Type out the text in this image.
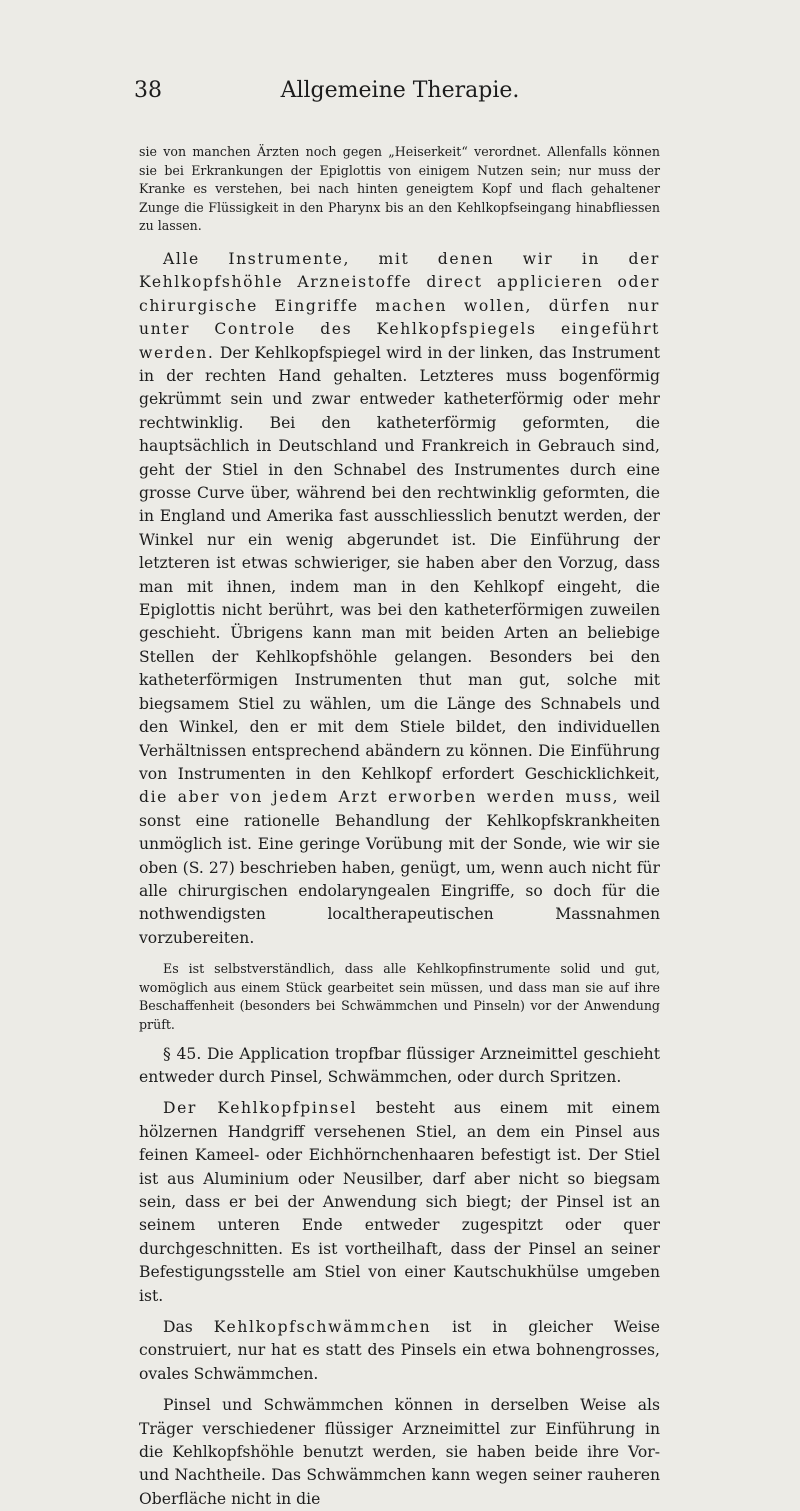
38	Allgemeine Therapie.

sie von manchen Ärzten noch gegen „Heiserkeit“ verordnet. Allenfalls können sie bei Erkrankungen der Epiglottis von einigem Nutzen sein; nur muss der Kranke es verstehen, bei nach hinten geneigtem Kopf und flach gehaltener Zunge die Flüssigkeit in den Pharynx bis an den Kehlkopfseingang hinabfliessen zu lassen.

Alle Instrumente, mit denen wir in der Kehlkopfshöhle Arzneistoffe direct applicieren oder chirurgische Eingriffe machen wollen, dürfen nur unter Controle des Kehlkopfspiegels eingeführt werden. Der Kehlkopfspiegel wird in der linken, das Instrument in der rechten Hand gehalten. Letzteres muss bogenförmig gekrümmt sein und zwar entweder katheterförmig oder mehr rechtwinklig. Bei den katheterförmig geformten, die hauptsächlich in Deutschland und Frankreich in Gebrauch sind, geht der Stiel in den Schnabel des Instrumentes durch eine grosse Curve über, während bei den rechtwinklig geformten, die in England und Amerika fast ausschliesslich benutzt werden, der Winkel nur ein wenig abgerundet ist. Die Einführung der letzteren ist etwas schwieriger, sie haben aber den Vorzug, dass man mit ihnen, indem man in den Kehlkopf eingeht, die Epiglottis nicht berührt, was bei den katheterförmigen zuweilen geschieht. Übrigens kann man mit beiden Arten an beliebige Stellen der Kehlkopfshöhle gelangen. Besonders bei den katheterförmigen Instrumenten thut man gut, solche mit biegsamem Stiel zu wählen, um die Länge des Schnabels und den Winkel, den er mit dem Stiele bildet, den individuellen Verhältnissen entsprechend abändern zu können. Die Einführung von Instrumenten in den Kehlkopf erfordert Geschicklichkeit, die aber von jedem Arzt erworben werden muss, weil sonst eine rationelle Behandlung der Kehlkopfskrankheiten unmöglich ist. Eine geringe Vorübung mit der Sonde, wie wir sie oben (S. 27) beschrieben haben, genügt, um, wenn auch nicht für alle chirurgischen endolaryngealen Eingriffe, so doch für die nothwendigsten localtherapeutischen Massnahmen vorzubereiten.

Es ist selbstverständlich, dass alle Kehlkopfinstrumente solid und gut, womöglich aus einem Stück gearbeitet sein müssen, und dass man sie auf ihre Beschaffenheit (besonders bei Schwämmchen und Pinseln) vor der Anwendung prüft.

§ 45. Die Application tropfbar flüssiger Arzneimittel geschieht entweder durch Pinsel, Schwämmchen, oder durch Spritzen.

Der Kehlkopfpinsel besteht aus einem mit einem hölzernen Handgriff versehenen Stiel, an dem ein Pinsel aus feinen Kameel- oder Eichhörnchenhaaren befestigt ist. Der Stiel ist aus Aluminium oder Neusilber, darf aber nicht so biegsam sein, dass er bei der Anwendung sich biegt; der Pinsel ist an seinem unteren Ende entweder zugespitzt oder quer durchgeschnitten. Es ist vortheilhaft, dass der Pinsel an seiner Befestigungsstelle am Stiel von einer Kautschukhülse umgeben ist.

Das Kehlkopfschwämmchen ist in gleicher Weise construiert, nur hat es statt des Pinsels ein etwa bohnengrosses, ovales Schwämmchen.

Pinsel und Schwämmchen können in derselben Weise als Träger verschiedener flüssiger Arzneimittel zur Einführung in die Kehlkopfshöhle benutzt werden, sie haben beide ihre Vor- und Nachtheile. Das Schwämmchen kann wegen seiner rauheren Oberfläche nicht in die
